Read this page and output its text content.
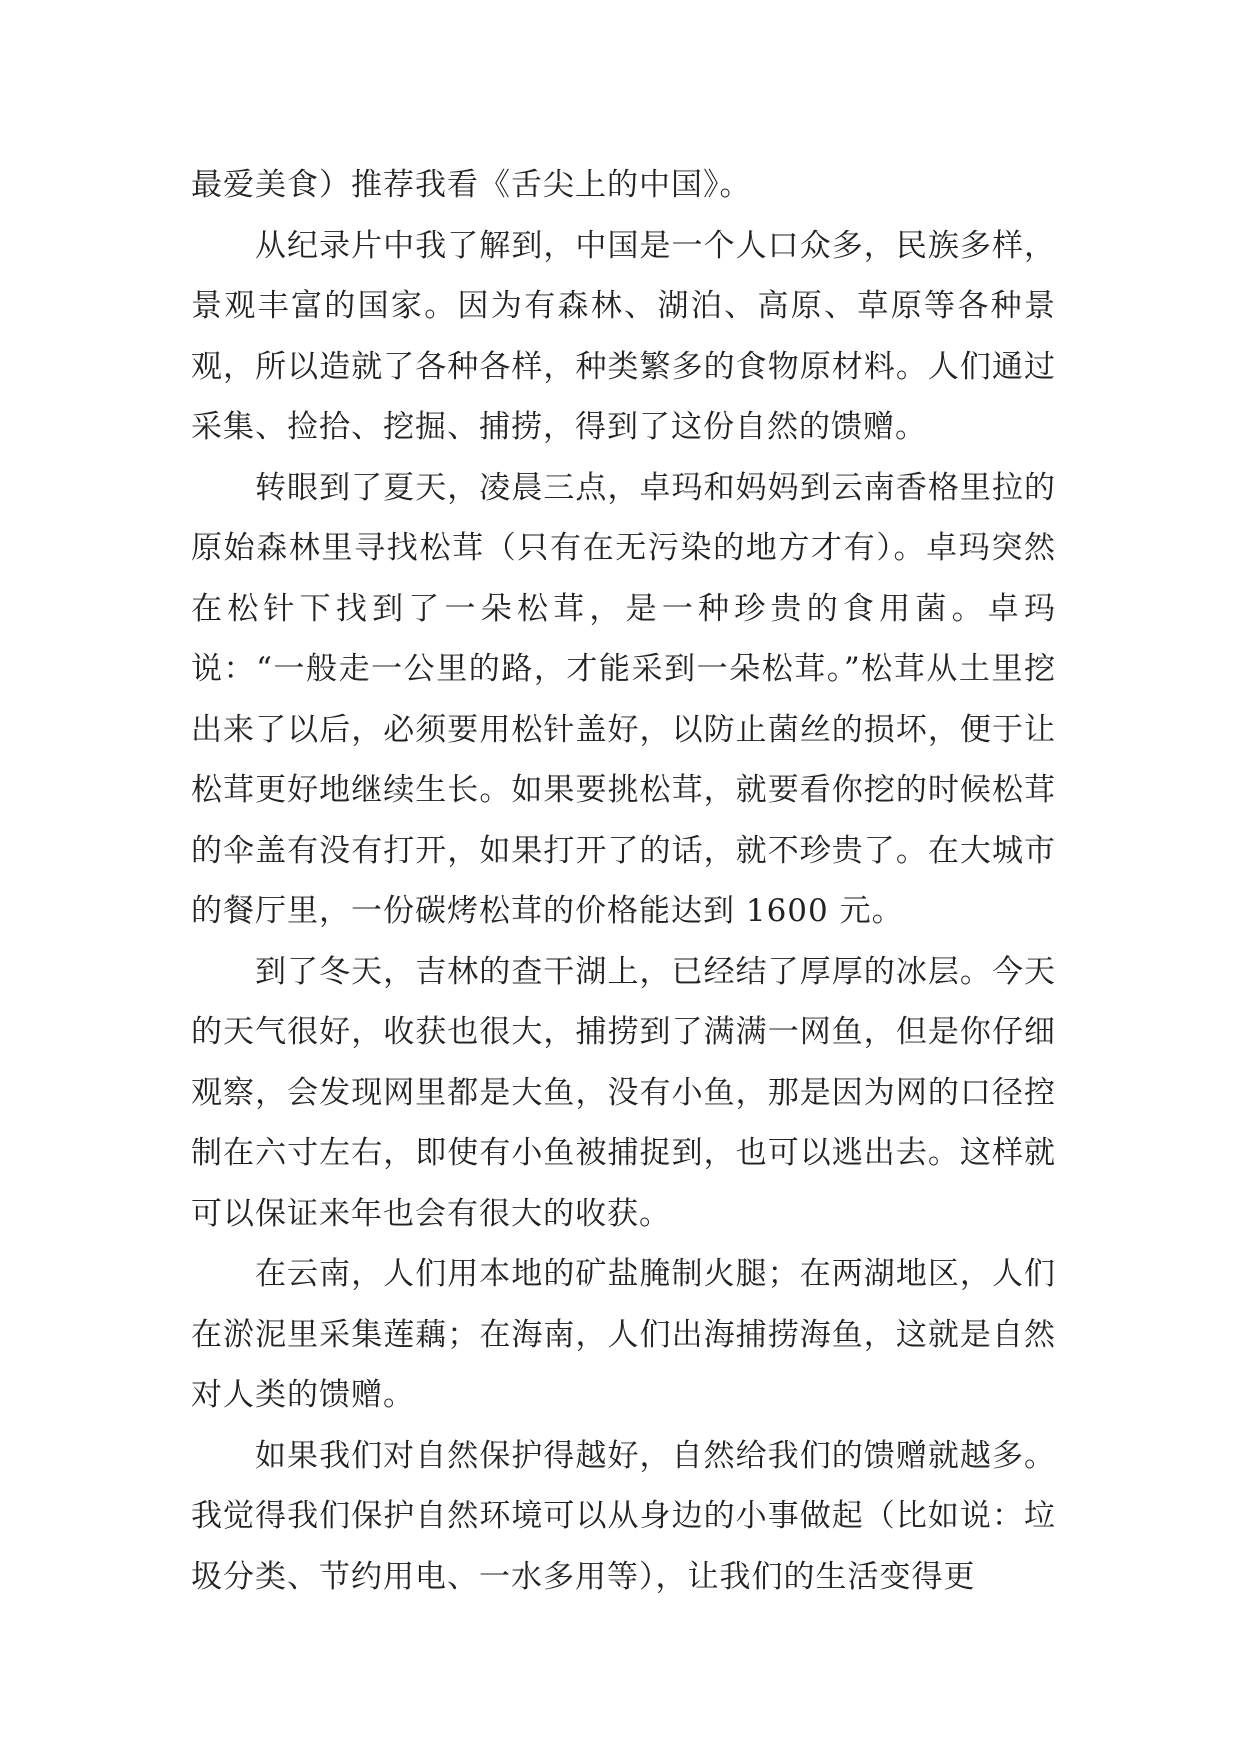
最爱美食）推荐我看《舌尖上的中国》。

从纪录片中我了解到，中国是一个人口众多，民族多样，景观丰富的国家。因为有森林、湖泊、高原、草原等各种景观，所以造就了各种各样，种类繁多的食物原材料。人们通过采集、捡拾、挖掘、捕捞，得到了这份自然的馈赠。

转眼到了夏天，凌晨三点，卓玛和妈妈到云南香格里拉的原始森林里寻找松茸（只有在无污染的地方才有）。卓玛突然在松针下找到了一朵松茸，是一种珍贵的食用菌。卓玛说：“一般走一公里的路，才能采到一朵松茸。”松茸从土里挖出来了以后，必须要用松针盖好，以防止菌丝的损坏，便于让松茸更好地继续生长。如果要挑松茸，就要看你挖的时候松茸的伞盖有没有打开，如果打开了的话，就不珍贵了。在大城市的餐厅里，一份碳烤松茸的价格能达到 1600 元。

到了冬天，吉林的查干湖上，已经结了厚厚的冰层。今天的天气很好，收获也很大，捕捞到了满满一网鱼，但是你仔细观察，会发现网里都是大鱼，没有小鱼，那是因为网的口径控制在六寸左右，即使有小鱼被捕捉到，也可以逃出去。这样就可以保证来年也会有很大的收获。

在云南，人们用本地的矿盐腌制火腿；在两湖地区，人们在淤泥里采集莲藕；在海南，人们出海捕捞海鱼，这就是自然对人类的馈赠。

如果我们对自然保护得越好，自然给我们的馈赠就越多。我觉得我们保护自然环境可以从身边的小事做起（比如说：垃圾分类、节约用电、一水多用等），让我们的生活变得更
